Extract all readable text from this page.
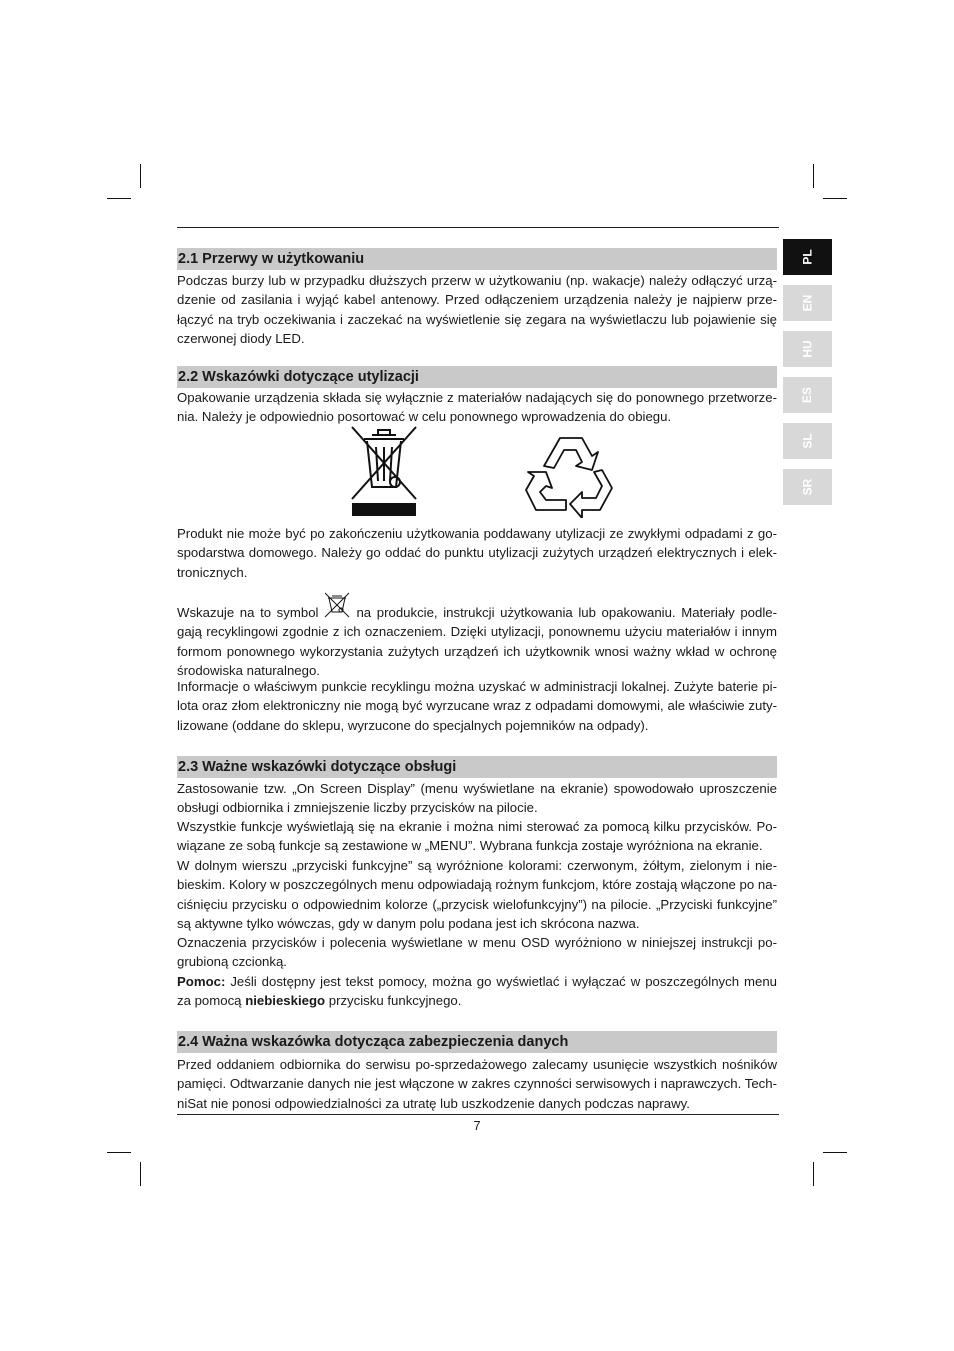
PL
EN
HU
ES
SL
SR
2.1 Przerwy w użytkowaniu

Podczas burzy lub w przypadku dłuższych przerw w użytkowaniu (np. wakacje) należy odłączyć urządzenie od zasilania i wyjąć kabel antenowy. Przed odłączeniem urządzenia należy je najpierw przełączyć na tryb oczekiwania i zaczekać na wyświetlenie się zegara na wyświetlaczu lub pojawienie się czerwonej diody LED.

2.2 Wskazówki dotyczące utylizacji

Opakowanie urządzenia składa się wyłącznie z materiałów nadających się do ponownego przetworzenia. Należy je odpowiednio posortować w celu ponownego wprowadzenia do obiegu.

Produkt nie może być po zakończeniu użytkowania poddawany utylizacji ze zwykłymi odpadami z gospodarstwa domowego. Należy go oddać do punktu utylizacji zużytych urządzeń elektrycznych i elektronicznych.

Wskazuje na to symbol	na produkcie, instrukcji użytkowania lub opakowaniu. Materiały podlegają recyklingowi zgodnie z ich oznaczeniem. Dzięki utylizacji, ponownemu użyciu materiałów i innym formom ponownego wykorzystania zużytych urządzeń ich użytkownik wnosi ważny wkład w ochronę środowiska naturalnego.

Informacje o właściwym punkcie recyklingu można uzyskać w administracji lokalnej. Zużyte baterie pilota oraz złom elektroniczny nie mogą być wyrzucane wraz z odpadami domowymi, ale właściwie zutylizowane (oddane do sklepu, wyrzucone do specjalnych pojemników na odpady).

2.3 Ważne wskazówki dotyczące obsługi

Zastosowanie tzw. „On Screen Display” (menu wyświetlane na ekranie) spowodowało uproszczenie obsługi odbiornika i zmniejszenie liczby przycisków na pilocie.

Wszystkie funkcje wyświetlają się na ekranie i można nimi sterować za pomocą kilku przycisków. Powiązane ze sobą funkcje są zestawione w „MENU”. Wybrana funkcja zostaje wyróżniona na ekranie.

W dolnym wierszu „przyciski funkcyjne” są wyróżnione kolorami: czerwonym, żółtym, zielonym i niebieskim. Kolory w poszczególnych menu odpowiadają rożnym funkcjom, które zostają włączone po naciśnięciu przycisku o odpowiednim kolorze („przycisk wielofunkcyjny”) na pilocie. „Przyciski funkcyjne” są aktywne tylko wówczas, gdy w danym polu podana jest ich skrócona nazwa.

Oznaczenia przycisków i polecenia wyświetlane w menu OSD wyróżniono w niniejszej instrukcji pogrubioną czcionką.

Pomoc: Jeśli dostępny jest tekst pomocy, można go wyświetlać i wyłączać w poszczególnych menu za pomocą niebieskiego przycisku funkcyjnego.

2.4 Ważna wskazówka dotycząca zabezpieczenia danych

Przed oddaniem odbiornika do serwisu po-sprzedażowego zalecamy usunięcie wszystkich nośników pamięci. Odtwarzanie danych nie jest włączone w zakres czynności serwisowych i naprawczych. TechniSat nie ponosi odpowiedzialności za utratę lub uszkodzenie danych podczas naprawy.

7
